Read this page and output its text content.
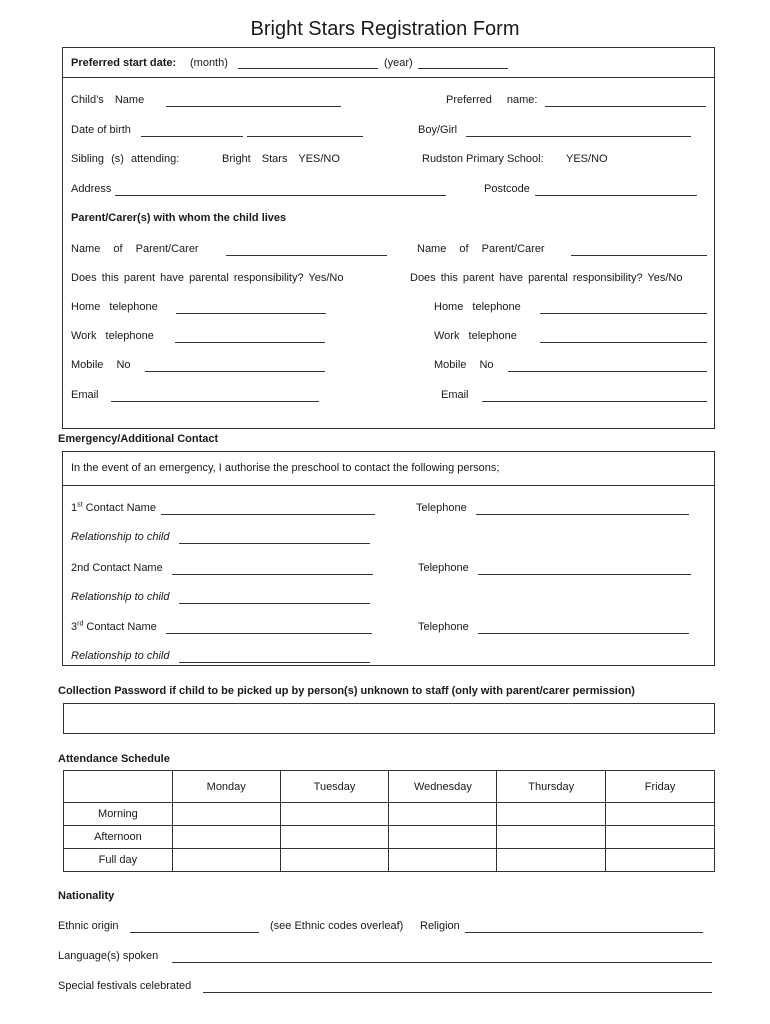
Bright Stars Registration Form
Preferred start date: (month)	(year)
Child’s Name	Preferred name:
Date of birth	Boy/Girl
Sibling (s) attending:	Bright Stars YES/NO	Rudston Primary School: YES/NO
Address	Postcode
Parent/Carer(s) with whom the child lives
Name of Parent/Carer	Name of Parent/Carer
Does this parent have parental responsibility? Yes/No	Does this parent have parental responsibility? Yes/No
Home telephone	Home telephone
Work telephone	Work telephone
Mobile No	Mobile No
Email	Email
Emergency/Additional Contact
In the event of an emergency, I authorise the preschool to contact the following persons;
1st Contact Name	Telephone
Relationship to child
2nd Contact Name	Telephone
Relationship to child
3rd Contact Name	Telephone
Relationship to child
Collection Password if child to be picked up by person(s) unknown to staff (only with parent/carer permission)
Attendance Schedule
	Monday	Tuesday	Wednesday	Thursday	Friday
Morning					
Afternoon					
Full day					
Nationality
Ethnic origin	(see Ethnic codes overleaf) Religion
Language(s) spoken
Special festivals celebrated
